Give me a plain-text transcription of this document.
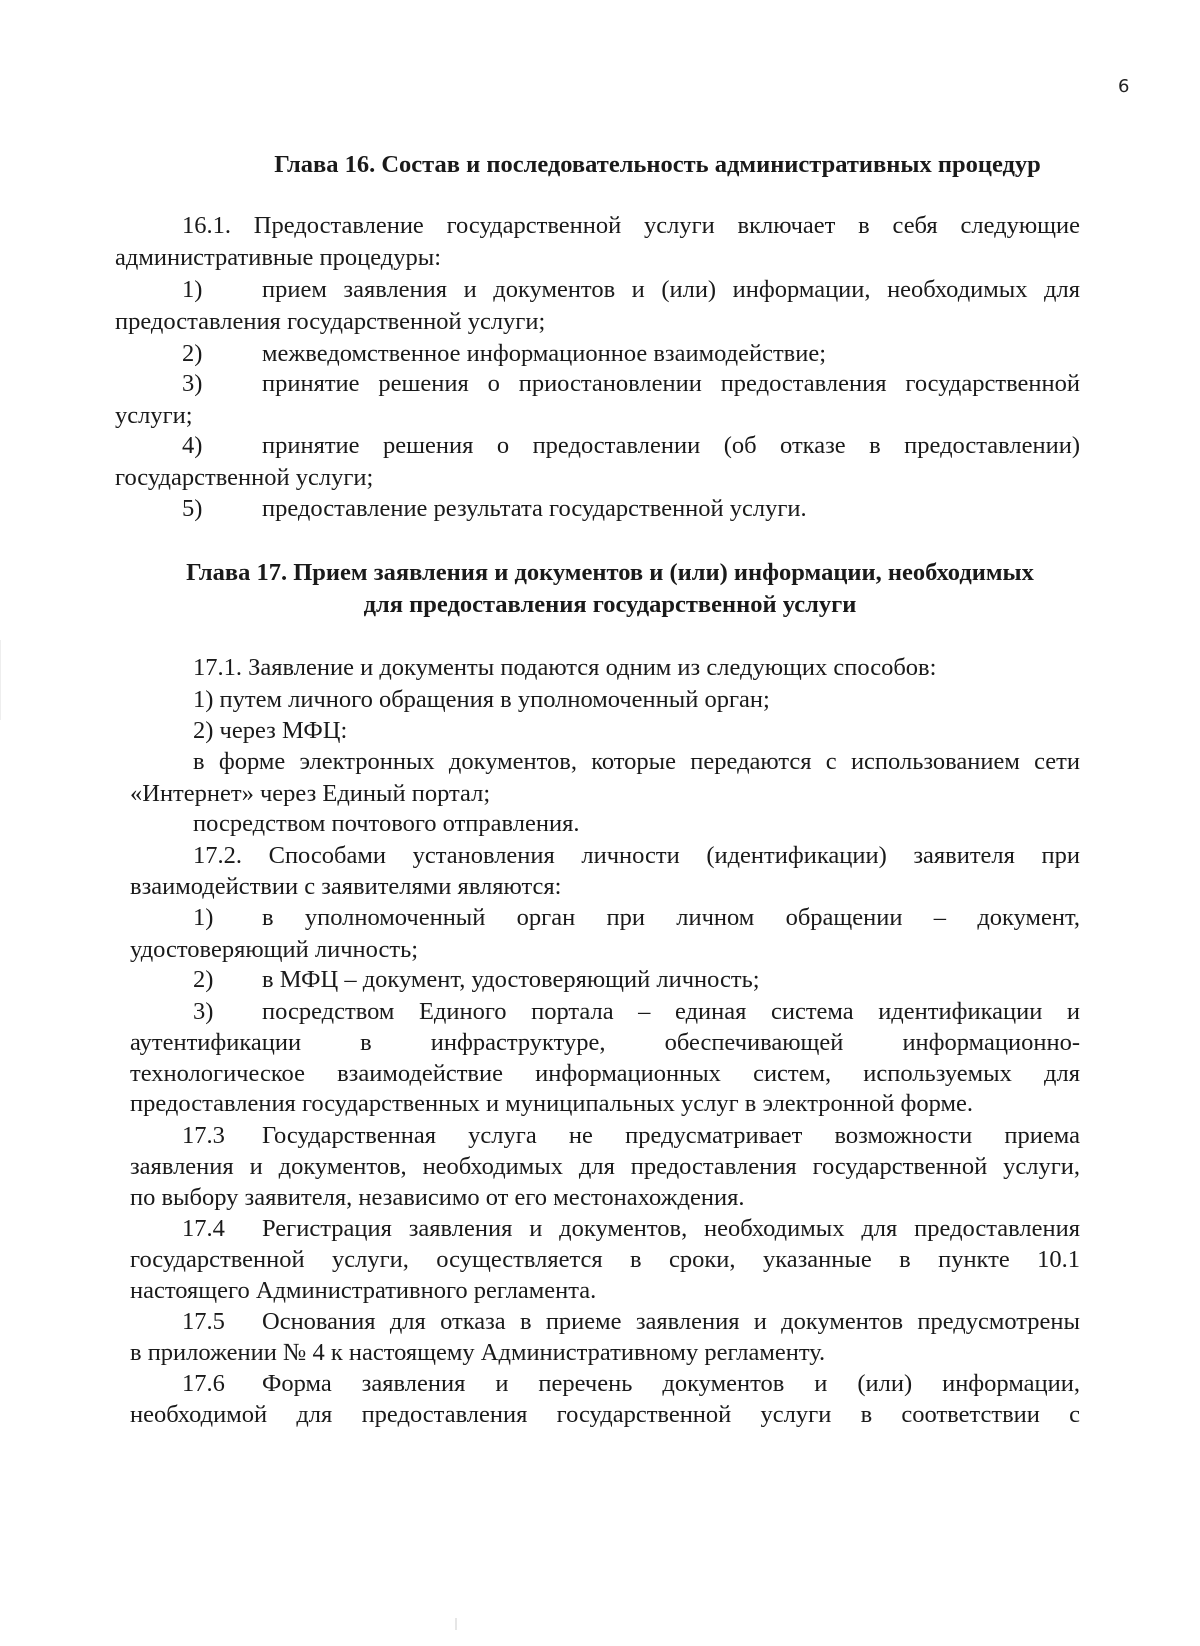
6
Глава 16. Состав и последовательность административных процедур
16.1. Предоставление государственной услуги включает в себя следующие
административные процедуры:
1) прием заявления и документов и (или) информации, необходимых для
предоставления государственной услуги;
2) межведомственное информационное взаимодействие;
3) принятие решения о приостановлении предоставления государственной
услуги;
4) принятие решения о предоставлении (об отказе в предоставлении)
государственной услуги;
5) предоставление результата государственной услуги.
Глава 17. Прием заявления и документов и (или) информации, необходимых
для предоставления государственной услуги
17.1. Заявление и документы подаются одним из следующих способов:
1) путем личного обращения в уполномоченный орган;
2) через МФЦ:
в форме электронных документов, которые передаются с использованием сети
«Интернет» через Единый портал;
посредством почтового отправления.
17.2. Способами установления личности (идентификации) заявителя при
взаимодействии с заявителями являются:
1) в уполномоченный орган при личном обращении – документ,
удостоверяющий личность;
2) в МФЦ – документ, удостоверяющий личность;
3) посредством Единого портала – единая система идентификации и
аутентификации в инфраструктуре, обеспечивающей информационно-
технологическое взаимодействие информационных систем, используемых для
предоставления государственных и муниципальных услуг в электронной форме.
17.3 Государственная услуга не предусматривает возможности приема
заявления и документов, необходимых для предоставления государственной услуги,
по выбору заявителя, независимо от его местонахождения.
17.4 Регистрация заявления и документов, необходимых для предоставления
государственной услуги, осуществляется в сроки, указанные в пункте 10.1
настоящего Административного регламента.
17.5 Основания для отказа в приеме заявления и документов предусмотрены
в приложении № 4 к настоящему Административному регламенту.
17.6 Форма заявления и перечень документов и (или) информации,
необходимой для предоставления государственной услуги в соответствии с
